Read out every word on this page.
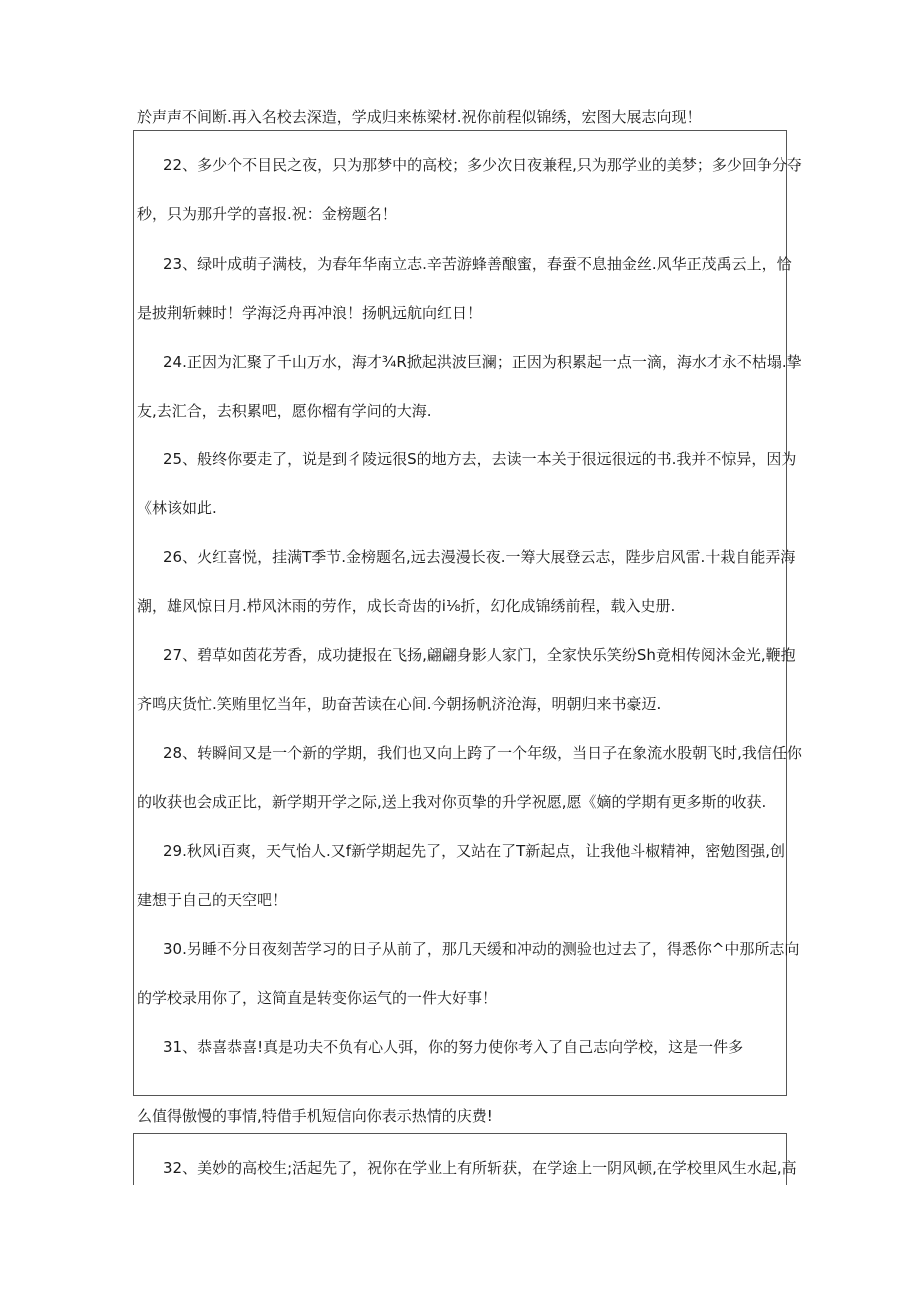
於声声不间断.再入名校去深造，学成归来栋梁材.祝你前程似锦绣，宏图大展志向现！
22、多少个不目民之夜，只为那梦中的高校；多少次日夜兼程,只为那学业的美梦；多少回争分夺
秒，只为那升学的喜报.祝：金榜题名！
23、绿叶成萌子满枝，为春年华南立志.辛苦游蜂善酿蜜，春蚕不息抽金丝.风华正茂禹云上，恰
是披荆斩棘时！学海泛舟再冲浪！扬帆远航向红日！
24.正因为汇聚了千山万水，海才¾R掀起洪波巨澜；正因为积累起一点一滴，海水才永不枯塌.挚
友,去汇合，去积累吧，愿你榴有学问的大海.
25、般终你要走了，说是到彳陵远很S的地方去，去读一本关于很远很远的书.我并不惊异，因为
《林该如此.
26、火红喜悦，挂满T季节.金榜题名,远去漫漫长夜.一筹大展登云志，陛步启风雷.十栽自能弄海
潮，雄风惊日月.栉风沐雨的劳作，成长奇齿的i⅛折，幻化成锦绣前程，载入史册.
27、碧草如茵花芳香，成功捷报在飞扬,翩翩身影人家门，全家快乐笑纷Sh竟相传阅沐金光,鞭抱
齐鸣庆货忙.笑贿里忆当年，助奋苦读在心间.今朝扬帆济沧海，明朝归来书豪迈.
28、转瞬间又是一个新的学期，我们也又向上跨了一个年级，当日子在象流水股朝飞时,我信任你
的收获也会成正比，新学期开学之际,送上我对你页挚的升学祝愿,愿《嫡的学期有更多斯的收获.
29.秋风i百爽，天气怡人.又f新学期起先了，又站在了T新起点，让我他斗椒精神，密勉图强,创
建想于自己的天空吧！
30.另睡不分日夜刻苦学习的日子从前了，那几天缓和冲动的测验也过去了，得悉你^中那所志向
的学校录用你了，这简直是转变你运气的一件大好事！
31、恭喜恭喜!真是功夫不负有心人弭，你的努力使你考入了自己志向学校，这是一件多
么值得傲慢的事情,特借手机短信向你表示热情的庆费!
32、美妙的高校生;活起先了，祝你在学业上有所斩获，在学途上一阴风顿,在学校里风生水起,高
